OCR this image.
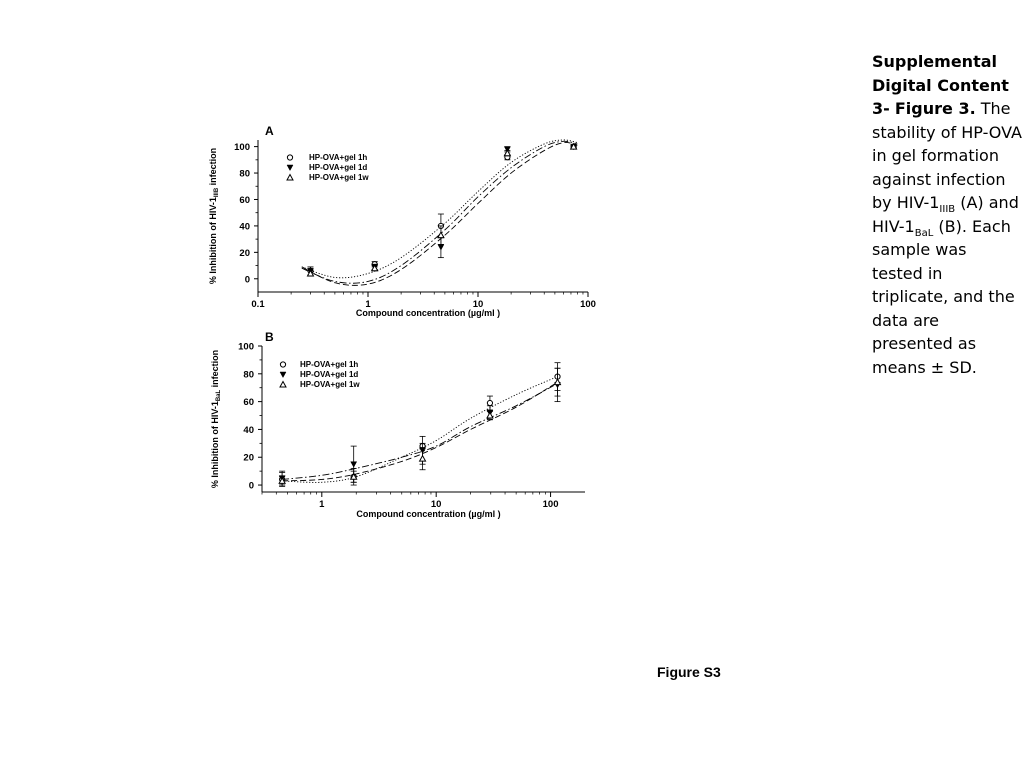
A
0
20
40
60
80
100
0.1	1	10	100
Compound concentration (µg/ml )
% Inhibition of HIV-$1_{IIIB}$ infection	HP-OVA+gel 1h
HP-OVA+gel 1d
HP-OVA+gel 1w
B
0
20
40
60
80
100
1	10	100
Compound concentration (µg/ml )
% Inhibition of HIV-$1_{BaL}$ infection	HP-OVA+gel 1h
HP-OVA+gel 1d
HP-OVA+gel 1w
Supplemental Digital Content 3- Figure 3. The stability of HP-OVA in gel formation against infection by HIV-$1_{IIIB}$ (A) and HIV-$1_{BaL}$ (B). Each sample was tested in triplicate, and the data are presented as means ± SD.
Figure S3
